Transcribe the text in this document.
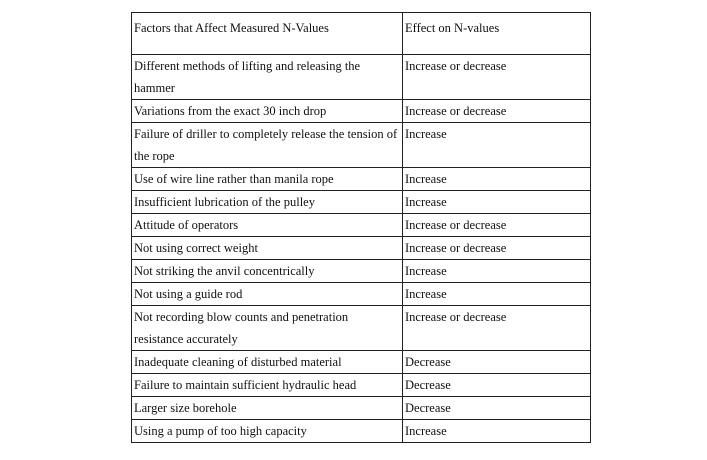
Factors that Affect Measured N-Values	Effect on N-values
Different methods of lifting and releasing the hammer	Increase or decrease
Variations from the exact 30 inch drop	Increase or decrease
Failure of driller to completely release the tension of the rope	Increase
Use of wire line rather than manila rope	Increase
Insufficient lubrication of the pulley	Increase
Attitude of operators	Increase or decrease
Not using correct weight	Increase or decrease
Not striking the anvil concentrically	Increase
Not using a guide rod	Increase
Not recording blow counts and penetration resistance accurately	Increase or decrease
Inadequate cleaning of disturbed material	Decrease
Failure to maintain sufficient hydraulic head	Decrease
Larger size borehole	Decrease
Using a pump of too high capacity	Increase
